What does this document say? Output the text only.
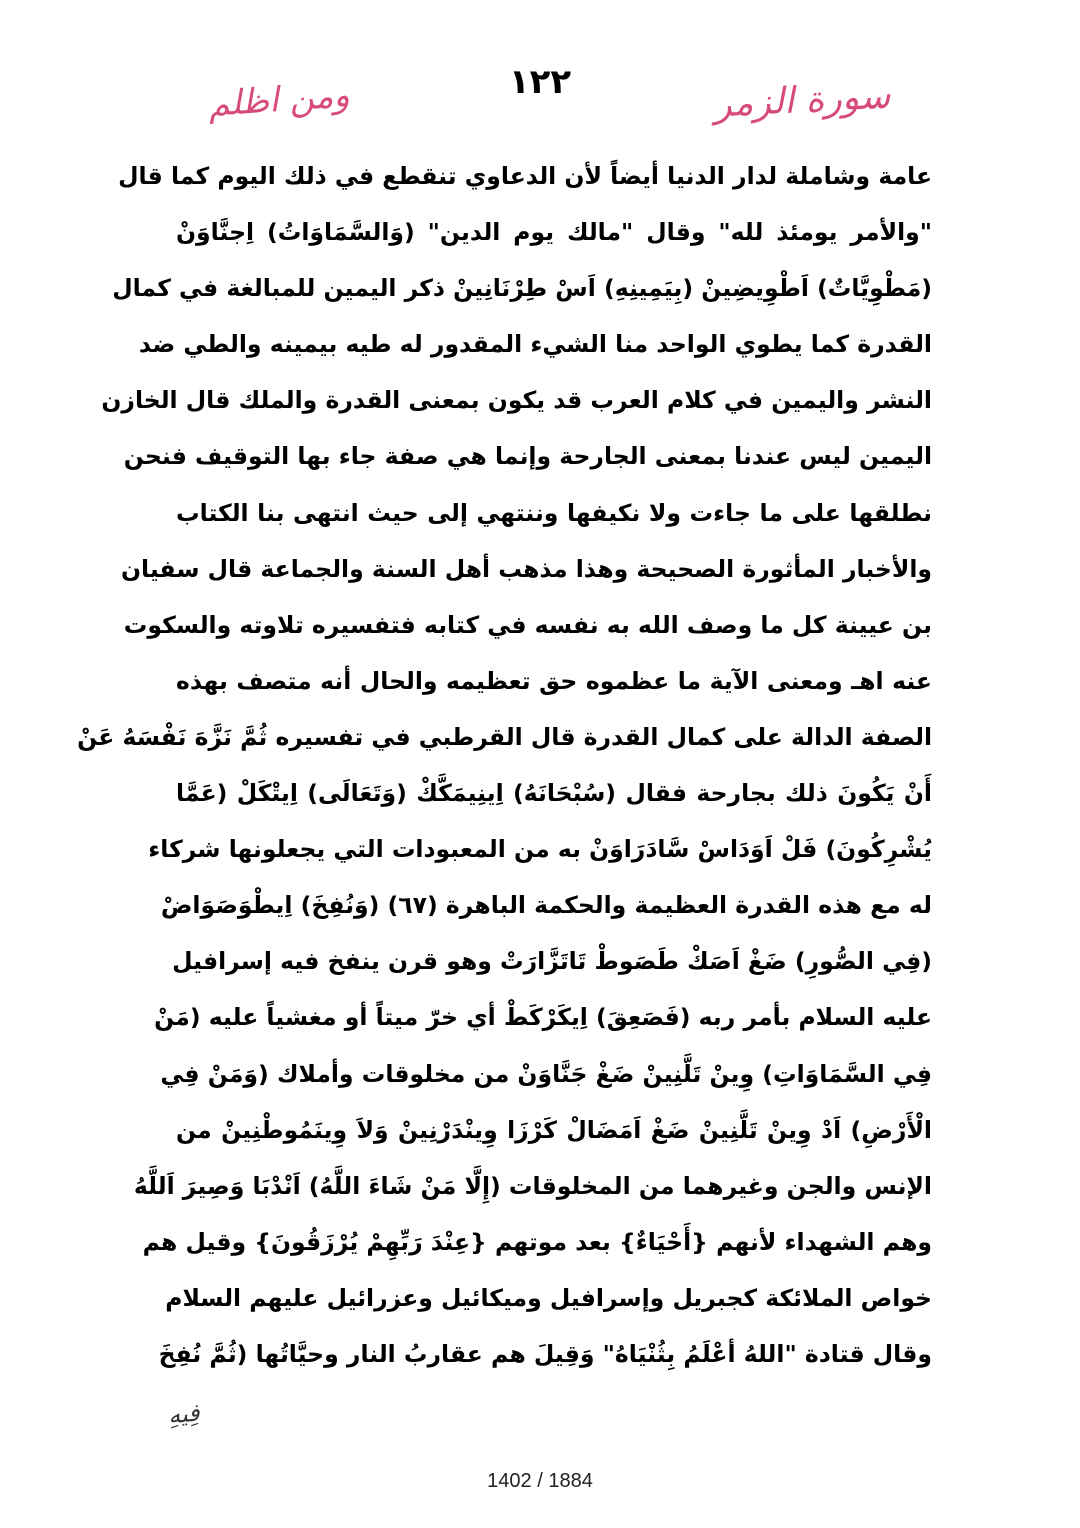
١٢٢	سورة الزمر
ومن اظلم
عامة وشاملة لدار الدنيا أيضاً لأن الدعاوي تنقطع في ذلك اليوم كما قال
"والأمر يومئذ لله" وقال "مالك يوم الدين" (وَالسَّمَاوَاتُ) اِجنَّاوَنْ
(مَطْوِيَّاتٌ) اَطْوِيضِينْ (بِيَمِينِهِ) اَسْ طِرْنَانِينْ ذكر اليمين للمبالغة في كمال
القدرة كما يطوي الواحد منا الشيء المقدور له طيه بيمينه والطي ضد
النشر واليمين في كلام العرب قد يكون بمعنى القدرة والملك قال الخازن
اليمين ليس عندنا بمعنى الجارحة وإنما هي صفة جاء بها التوقيف فنحن
نطلقها على ما جاءت ولا نكيفها وننتهي إلى حيث انتهى بنا الكتاب
والأخبار المأثورة الصحيحة وهذا مذهب أهل السنة والجماعة قال سفيان
بن عيينة كل ما وصف الله به نفسه في كتابه فتفسيره تلاوته والسكوت
عنه اهـ ومعنى الآية ما عظموه حق تعظيمه والحال أنه متصف بهذه
الصفة الدالة على كمال القدرة قال القرطبي في تفسيره ثُمَّ نَزَّهَ نَفْسَهُ عَنْ
أَنْ يَكُونَ ذلك بجارحة فقال (سُبْحَانَهُ) اِينِيمَكَّكْ (وَتَعَالَى) اِيتْكَلْ (عَمَّا
يُشْرِكُونَ) فَلْ اَوَدَاسْ سَّادَرَاوَنْ به من المعبودات التي يجعلونها شركاء
له مع هذه القدرة العظيمة والحكمة الباهرة (٦٧) (وَنُفِخَ) اِيطْوَصَوَاضْ
(فِي الصُّورِ) ضَغْ اَصَكْ طَصَوطْ تَاتَزَّارَتْ وهو قرن ينفخ فيه إسرافيل
عليه السلام بأمر ربه (فَصَعِقَ) اِيكَرْكَطْ أي خرّ ميتاً أو مغشياً عليه (مَنْ
فِي السَّمَاوَاتِ) وِينْ تَلَّنِينْ ضَغْ جَنَّاوَنْ من مخلوقات وأملاك (وَمَنْ فِي
الْأَرْضِ) اَدْ وِينْ تَلَّنِينْ ضَغْ اَمَضَالْ كَرْزَا وِينْدَرْنِينْ وَلاَ وِينَمُوطْنِينْ من
الإنس والجن وغيرهما من المخلوقات (إِلَّا مَنْ شَاءَ اللَّهُ) اَنْدْبَا وَصِيرَ اَللَّهُ
وهم الشهداء لأنهم {أَحْيَاءٌ} بعد موتهم {عِنْدَ رَبِّهِمْ يُرْزَقُونَ} وقيل هم
خواص الملائكة كجبريل وإسرافيل وميكائيل وعزرائيل عليهم السلام
وقال قتادة "اللهُ أعْلَمُ بِثُنْيَاهُ" وَقِيلَ هم عقاربُ النار وحيَّاتُها (ثُمَّ نُفِخَ
فِيهِ
1402 / 1884
